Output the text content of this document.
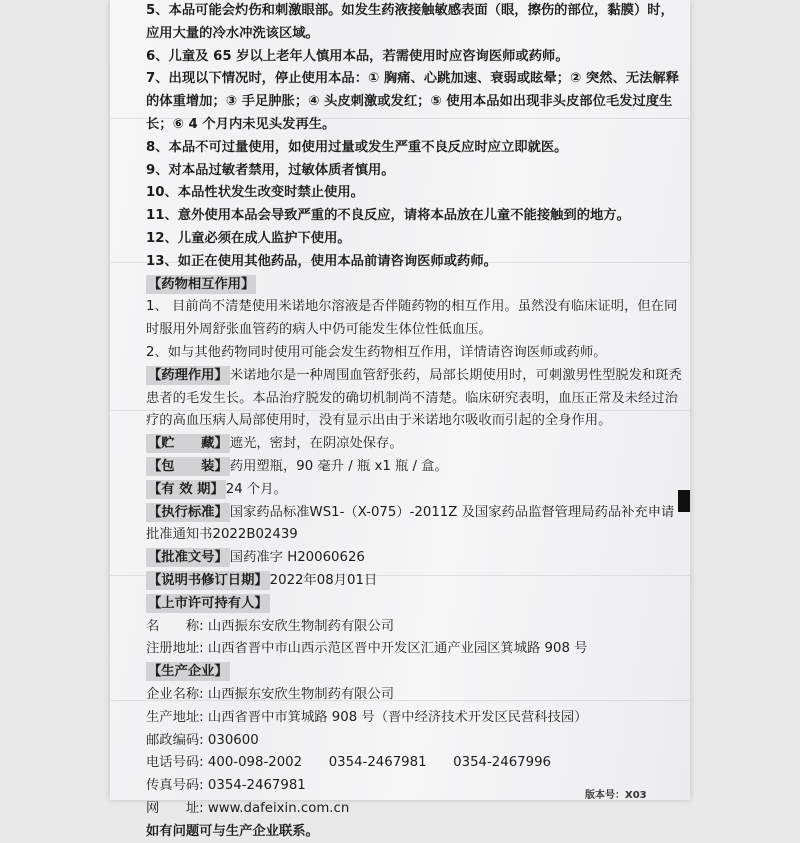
5、本品可能会灼伤和刺激眼部。如发生药液接触敏感表面（眼，擦伤的部位，黏膜）时，应用大量的冷水冲洗该区域。

6、儿童及 65 岁以上老年人慎用本品，若需使用时应咨询医师或药师。

7、出现以下情况时，停止使用本品：① 胸痛、心跳加速、衰弱或眩晕；② 突然、无法解释的体重增加；③ 手足肿胀；④ 头皮刺激或发红；⑤ 使用本品如出现非头皮部位毛发过度生长；⑥ 4 个月内未见头发再生。

8、本品不可过量使用，如使用过量或发生严重不良反应时应立即就医。

9、对本品过敏者禁用，过敏体质者慎用。

10、本品性状发生改变时禁止使用。

11、意外使用本品会导致严重的不良反应，请将本品放在儿童不能接触到的地方。

12、儿童必须在成人监护下使用。

13、如正在使用其他药品，使用本品前请咨询医师或药师。

【药物相互作用】

1、 目前尚不清楚使用米诺地尔溶液是否伴随药物的相互作用。虽然没有临床证明，但在同时服用外周舒张血管药的病人中仍可能发生体位性低血压。

2、如与其他药物同时使用可能会发生药物相互作用，详情请咨询医师或药师。

【药理作用】 米诺地尔是一种周围血管舒张药，局部长期使用时，可刺激男性型脱发和斑秃患者的毛发生长。本品治疗脱发的确切机制尚不清楚。临床研究表明，血压正常及未经过治疗的高血压病人局部使用时，没有显示出由于米诺地尔吸收而引起的全身作用。

【贮　　藏】 遮光，密封，在阴凉处保存。

【包　　装】 药用塑瓶，90 毫升 / 瓶 x1 瓶 / 盒。

【有 效 期】 24 个月。

【执行标准】 国家药品标准WS1-（X-075）-2011Z 及国家药品监督管理局药品补充申请批准通知书2022B02439

【批准文号】 国药准字 H20060626

【说明书修订日期】 2022年08月01日

【上市许可持有人】

名　　称: 山西振东安欣生物制药有限公司

注册地址: 山西省晋中市山西示范区晋中开发区汇通产业园区箕城路 908 号

【生产企业】

企业名称: 山西振东安欣生物制药有限公司

生产地址: 山西省晋中市箕城路 908 号（晋中经济技术开发区民营科技园）

邮政编码: 030600

电话号码: 400-098-2002　　 0354-2467981　　 0354-2467996

传真号码: 0354-2467981

网　　址: www.dafeixin.com.cn

如有问题可与生产企业联系。

版本号：X03
